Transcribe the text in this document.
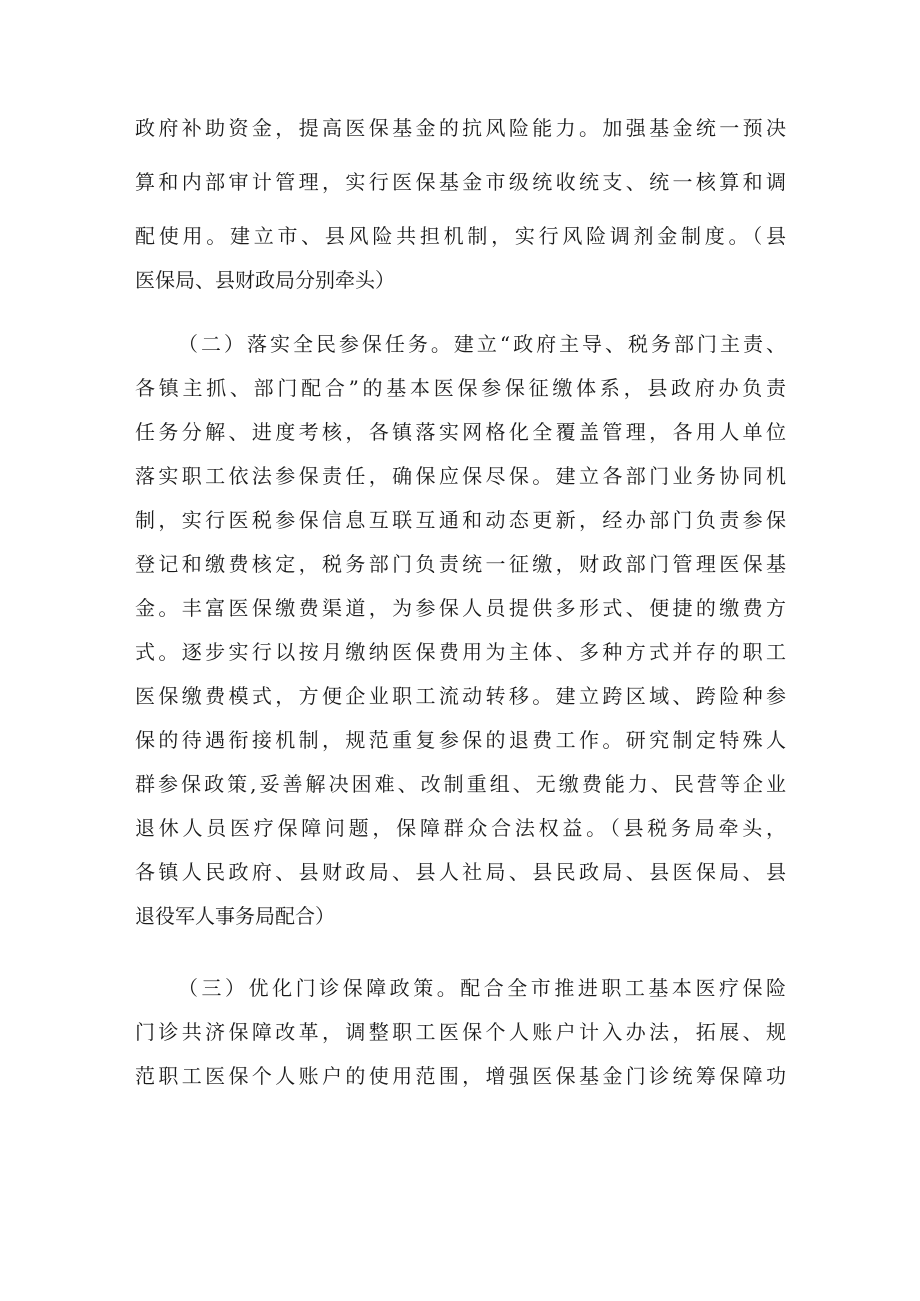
政府补助资金，提高医保基金的抗风险能力。加强基金统一预决
算和内部审计管理，实行医保基金市级统收统支、统一核算和调
配使用。建立市、县风险共担机制，实行风险调剂金制度。（县
医保局、县财政局分别牵头）
（二）落实全民参保任务。建立“政府主导、税务部门主责、
各镇主抓、部门配合”的基本医保参保征缴体系，县政府办负责
任务分解、进度考核，各镇落实网格化全覆盖管理，各用人单位
落实职工依法参保责任，确保应保尽保。建立各部门业务协同机
制，实行医税参保信息互联互通和动态更新，经办部门负责参保
登记和缴费核定，税务部门负责统一征缴，财政部门管理医保基
金。丰富医保缴费渠道，为参保人员提供多形式、便捷的缴费方
式。逐步实行以按月缴纳医保费用为主体、多种方式并存的职工
医保缴费模式，方便企业职工流动转移。建立跨区域、跨险种参
保的待遇衔接机制，规范重复参保的退费工作。研究制定特殊人
群参保政策,妥善解决困难、改制重组、无缴费能力、民营等企业
退休人员医疗保障问题，保障群众合法权益。（县税务局牵头，
各镇人民政府、县财政局、县人社局、县民政局、县医保局、县
退役军人事务局配合）
（三）优化门诊保障政策。配合全市推进职工基本医疗保险
门诊共济保障改革，调整职工医保个人账户计入办法，拓展、规
范职工医保个人账户的使用范围，增强医保基金门诊统筹保障功
